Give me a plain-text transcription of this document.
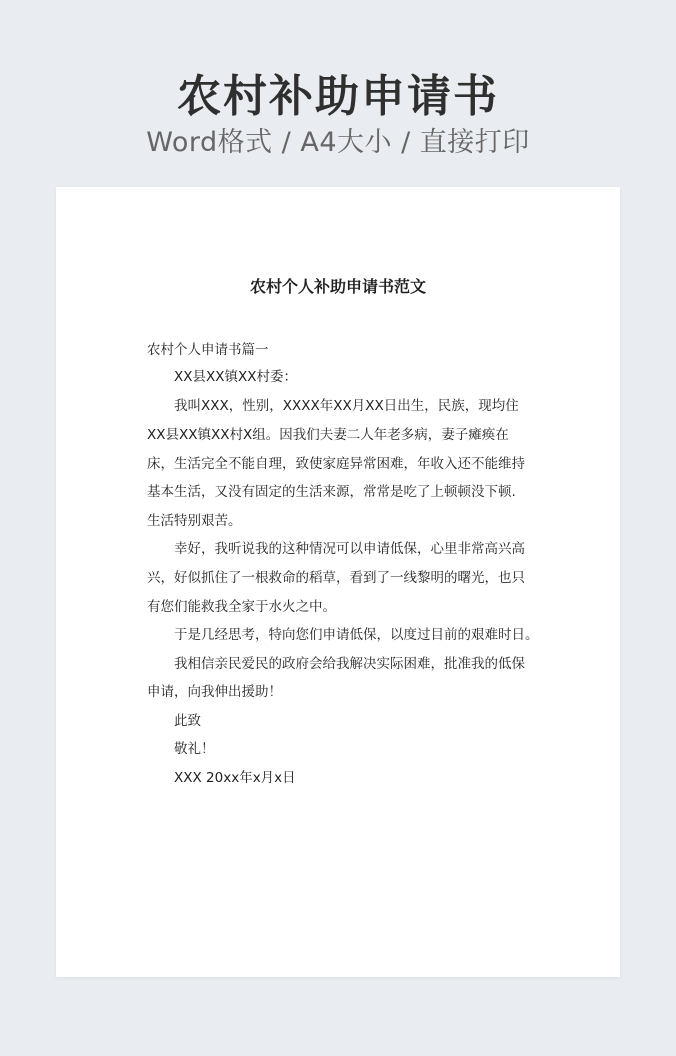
农村补助申请书
Word格式 / A4大小 / 直接打印
农村个人补助申请书范文
农村个人申请书篇一
XX县XX镇XX村委：
我叫XXX，性别，XXXX年XX月XX日出生，民族，现均住
XX县XX镇XX村X组。因我们夫妻二人年老多病，妻子瘫痪在
床，生活完全不能自理，致使家庭异常困难，年收入还不能维持
基本生活，又没有固定的生活来源，常常是吃了上顿顿没下顿.
生活特别艰苦。
幸好，我听说我的这种情况可以申请低保，心里非常高兴高
兴，好似抓住了一根救命的稻草，看到了一线黎明的曙光，也只
有您们能救我全家于水火之中。
于是几经思考，特向您们申请低保，以度过目前的艰难时日。
我相信亲民爱民的政府会给我解决实际困难，批准我的低保
申请，向我伸出援助！
此致
敬礼！
XXX 20xx年x月x日
